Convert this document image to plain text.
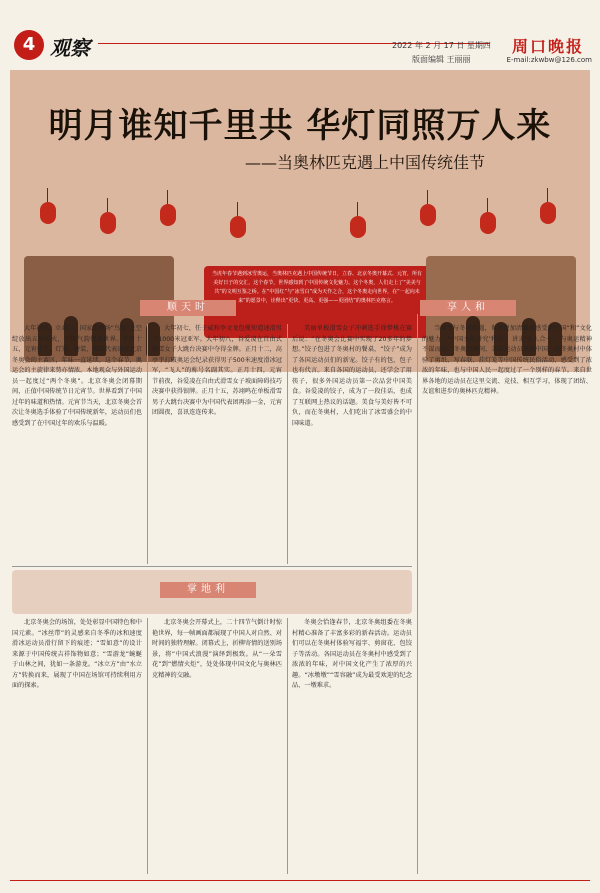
4 观察	2022 年 2 月 17 日 星期四
版面编辑 王丽丽
周口晚报
E-mail:zkwbw@126.com
明月谁知千里共 华灯同照万人来
——当奥林匹克遇上中国传统佳节
当虎年春节遇到冰雪奥运，当奥林匹克遇上中国传统节日，立春、北京冬奥开幕式、元宵，所有美好日子的交汇，这个春节，世界感知到了中国传统文化魅力。这个冬奥，人们走上了“美美与共”的文明互鉴之桥。在“中国红”与“冰雪白”成为天作之合，这个冬奥走向世界，在“一起向未来”的愿景中，诠释出“更快、更高、更强——更团结”的奥林匹克格言。
顺天时	享人和

大年初四，立春日，国家体育场“鸟巢”上空绽放出五环焰火，中国气韵惊艳世界。正月十五，元宵佳节，灯笼、唐装、各国代表团在北京冬奥会的主赛区，年味一直延续。这个春节，奥运会的主旋律来势亦情浓。本地观众与外国运动员一起度过“两个冬奥”。北京冬奥会闭幕期间，正值中国传统节日元宵节。世界看到了中国过年的味道和热情。元宵节当天，北京冬奥会首次让冬奥选手体验了中国传统新年，运动员们也感受到了在中国过年的欢乐与温暖。

大年初七，任子威和李文龙包揽短道速滑男子1000米冠亚军。大年初八，谷爱凌在自由式滑雪女子大跳台决赛中夺得金牌。正月十二，高亭宇打破奥运会纪录获得男子500米速度滑冰冠军，“飞人”的称号名副其实。正月十四，元宵节前夜，谷爱凌在自由式滑雪女子坡面障碍技巧决赛中获得银牌。正月十五，苏翊鸣在单板滑雪男子大跳台决赛中为中国代表团再添一金，元宵团圆夜，喜讯连连传来。

美丽单板滑雪女子冲刺选手徐梦桃在赛后说：“在冬奥会比赛中实现了20多年的梦想。”饺子包进了冬奥村的餐桌，“饺子”成为了各国运动员们的新宠。饺子有的包，包子也有代言。来自各国的运动员，还学会了用筷子，很多外国运动员第一次品尝中国美食。谷爱凌的饺子，成为了一段佳话，也成了互联网上热议的话题。美食与美好皆不可负，而在冬奥村，人们吃出了冰雪盛会的中国味道。

当春节与冬奥相遇，世界更加清晰地感受到中国“和”文化的魅力。“中国文化讲究‘和合’，讲求‘天人合一’，与奥运精神不谋而合。”冬奥会期间，各国运动员来到中国，在冬奥村中体验了剪纸、写春联、挂灯笼等中国传统民俗活动，感受到了浓浓的年味，也与中国人民一起度过了一个别样的春节。来自世界各地的运动员在这里交流、竞技、相互学习，体现了团结、友谊和进步的奥林匹克精神。

掌地利

北京冬奥会的场馆，处处彰显中国特色和中国元素。“冰丝带”的灵感来自冬季的冰和速度滑冰运动员滑行留下的痕迹；“雪如意”的设计来源于中国传统吉祥饰物如意；“雪游龙”蜿蜒于山林之间，犹如一条游龙。“冰立方”由“水立方”转换而来，展现了中国在场馆可持续利用方面的探索。

北京冬奥会开幕式上，二十四节气倒计时惊艳世界，每一帧画面都展现了中国人对自然、对时间的独特理解。闭幕式上，折柳寄情的送别场景，将“中国式浪漫”演绎到极致。从“一朵雪花”到“燃情火炬”，处处体现中国文化与奥林匹克精神的交融。

冬奥会恰逢春节，北京冬奥组委在冬奥村精心准备了丰富多彩的新春活动。运动员们可以在冬奥村体验写福字、剪窗花、包饺子等活动。各国运动员在冬奥村中感受到了浓浓的年味，对中国文化产生了浓厚的兴趣。“冰墩墩”“雪容融”成为最受欢迎的纪念品，一墩难求。
